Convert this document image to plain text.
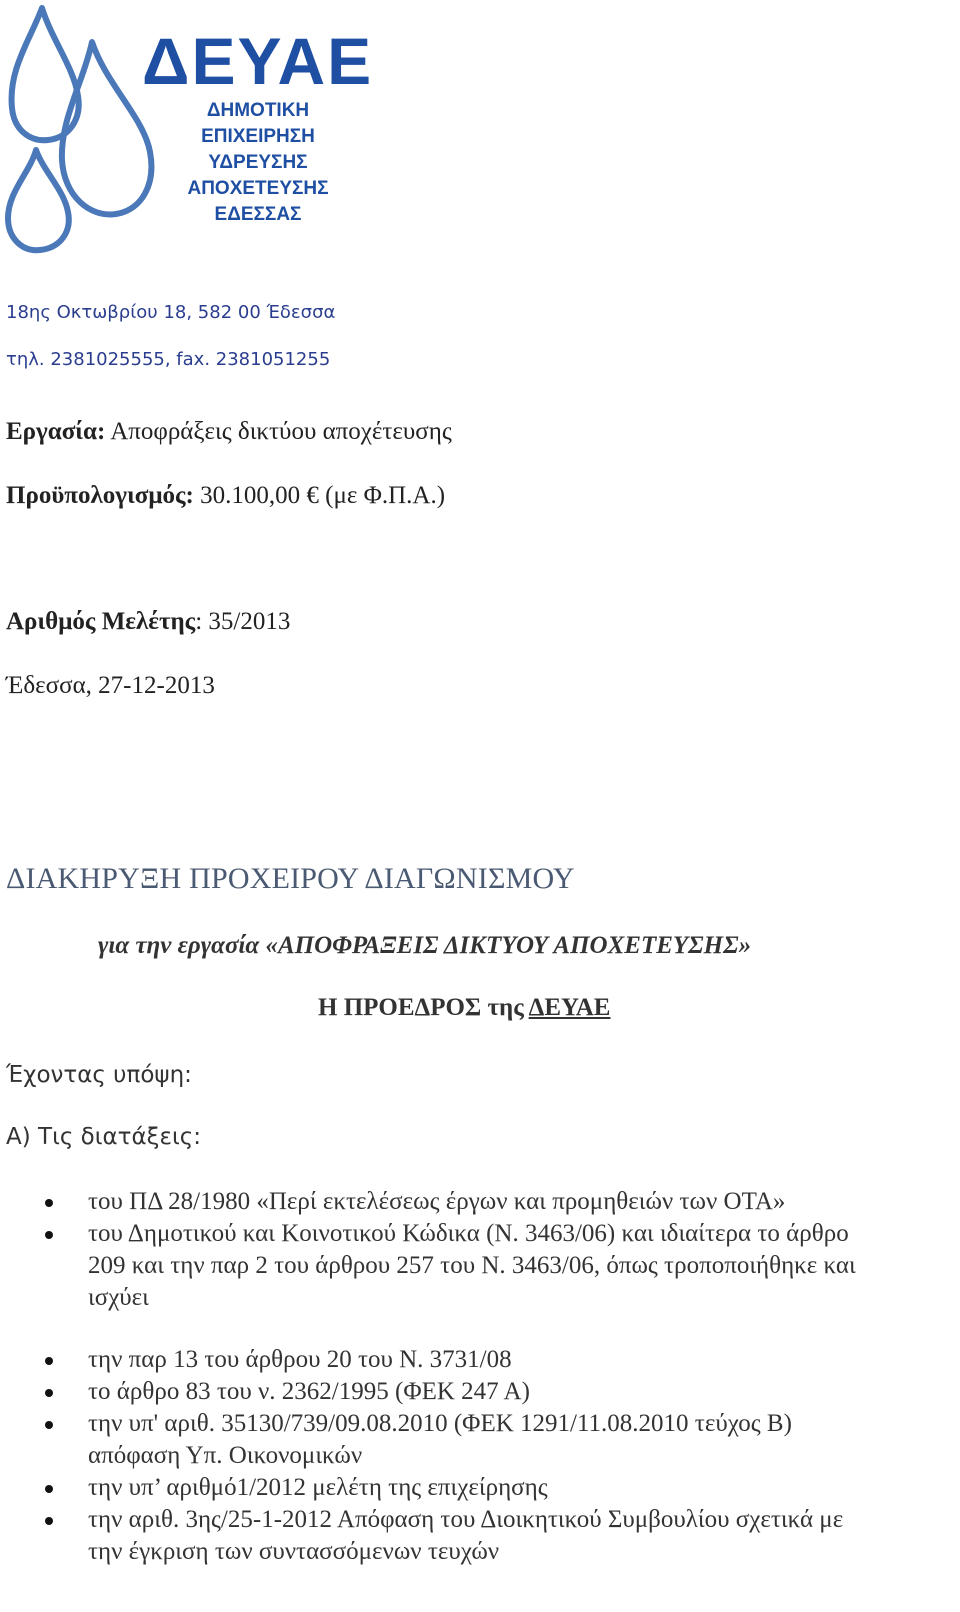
ΔΕΥΑΕ
ΔΗΜΟΤΙΚΗ
ΕΠΙΧΕΙΡΗΣΗ
ΥΔΡΕΥΣΗΣ
ΑΠΟΧΕΤΕΥΣΗΣ
ΕΔΕΣΣΑΣ
18ης Οκτωβρίου 18, 582 00 Έδεσσα
τηλ. 2381025555, fax. 2381051255
Εργασία: Αποφράξεις δικτύου αποχέτευσης
Προϋπολογισμός: 30.100,00 € (με Φ.Π.Α.)
Αριθμός Μελέτης: 35/2013
Έδεσσα, 27-12-2013
ΔΙΑΚΗΡΥΞΗ ΠΡΟΧΕΙΡΟΥ ΔΙΑΓΩΝΙΣΜΟΥ
για την εργασία «ΑΠΟΦΡΑΞΕΙΣ ΔΙΚΤΥΟΥ ΑΠΟΧΕΤΕΥΣΗΣ»
Η ΠΡΟΕΔΡΟΣ της ΔΕΥΑΕ
Έχοντας υπόψη:
Α) Τις διατάξεις:
του ΠΔ 28/1980 «Περί εκτελέσεως έργων και προμηθειών των ΟΤΑ»
του Δημοτικού και Κοινοτικού Κώδικα (Ν. 3463/06) και ιδιαίτερα το άρθρο
209 και την παρ 2 του άρθρου 257 του Ν. 3463/06, όπως τροποποιήθηκε και
ισχύει
την παρ 13 του άρθρου 20 του Ν. 3731/08
το άρθρο 83 του ν. 2362/1995 (ΦΕΚ 247 Α)
την υπ' αριθ. 35130/739/09.08.2010 (ΦΕΚ 1291/11.08.2010 τεύχος Β)
απόφαση Υπ. Οικονομικών
την υπ’ αριθμό1/2012 μελέτη της επιχείρησης
την αριθ. 3ης/25-1-2012 Απόφαση του Διοικητικού Συμβουλίου σχετικά με
την έγκριση των συντασσόμενων τευχών
